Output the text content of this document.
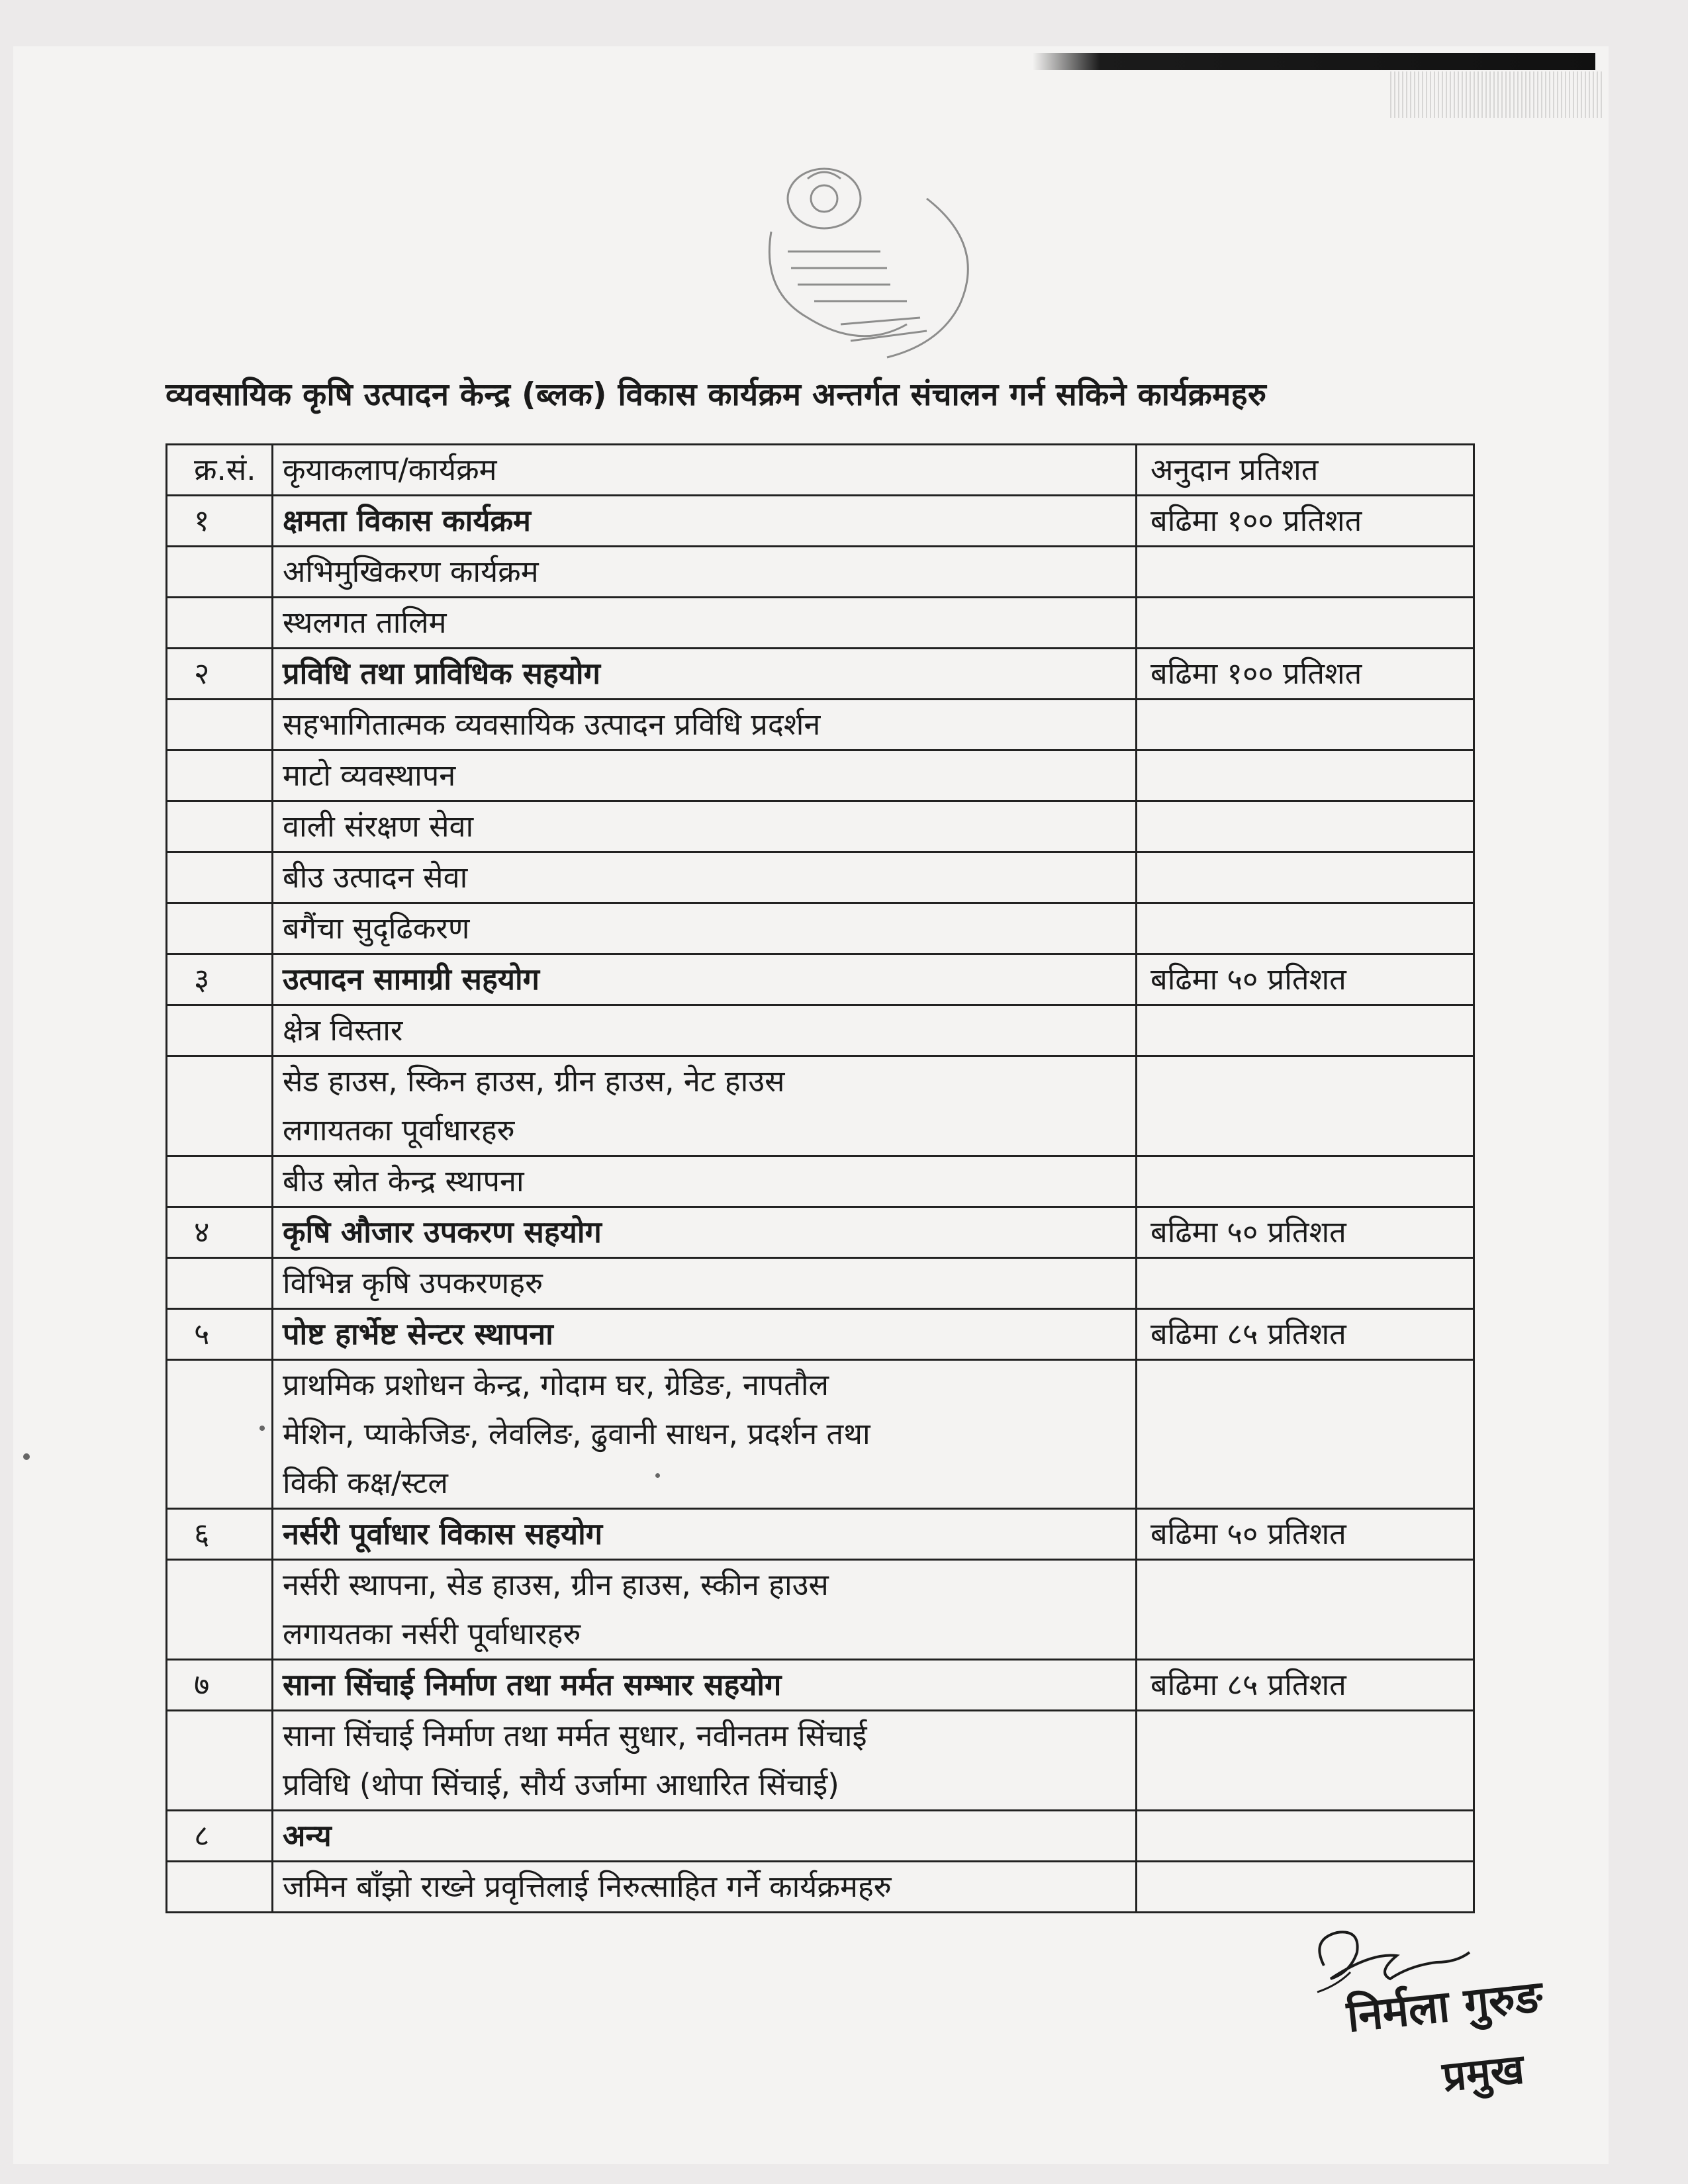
व्यवसायिक कृषि उत्पादन केन्द्र (ब्लक) विकास कार्यक्रम अन्तर्गत संचालन गर्न सकिने कार्यक्रमहरु
क्र.सं.	कृयाकलाप/कार्यक्रम	अनुदान प्रतिशत
१	क्षमता विकास कार्यक्रम	बढिमा १०० प्रतिशत
	अभिमुखिकरण कार्यक्रम	
	स्थलगत तालिम	
२	प्रविधि तथा प्राविधिक सहयोग	बढिमा १०० प्रतिशत
	सहभागितात्मक व्यवसायिक उत्पादन प्रविधि प्रदर्शन	
	माटो व्यवस्थापन	
	वाली संरक्षण सेवा	
	बीउ उत्पादन सेवा	
	बगैंचा सुदृढिकरण	
३	उत्पादन सामाग्री सहयोग	बढिमा ५० प्रतिशत
	क्षेत्र विस्तार	

	सेड हाउस, स्किन हाउस, ग्रीन हाउस, नेट हाउस
लगायतका पूर्वाधारहरु	

	बीउ स्रोत केन्द्र स्थापना	
४	कृषि औजार उपकरण सहयोग	बढिमा ५० प्रतिशत
	विभिन्न कृषि उपकरणहरु	
५	पोष्ट हार्भेष्ट सेन्टर स्थापना	बढिमा ८५ प्रतिशत

	प्राथमिक प्रशोधन केन्द्र, गोदाम घर, ग्रेडिङ, नापतौल
मेशिन, प्याकेजिङ, लेवलिङ, ढुवानी साधन, प्रदर्शन तथा
विकी कक्ष/स्टल	

६	नर्सरी पूर्वाधार विकास सहयोग	बढिमा ५० प्रतिशत

	नर्सरी स्थापना, सेड हाउस, ग्रीन हाउस, स्कीन हाउस
लगायतका नर्सरी पूर्वाधारहरु	

७	साना सिंचाई निर्माण तथा मर्मत सम्भार सहयोग	बढिमा ८५ प्रतिशत

	साना सिंचाई निर्माण तथा मर्मत सुधार, नवीनतम सिंचाई
प्रविधि (थोपा सिंचाई, सौर्य उर्जामा आधारित सिंचाई)	

८	अन्य	
	जमिन बाँझो राख्ने प्रवृत्तिलाई निरुत्साहित गर्ने कार्यक्रमहरु	
निर्मला गुरुङ
प्रमुख
